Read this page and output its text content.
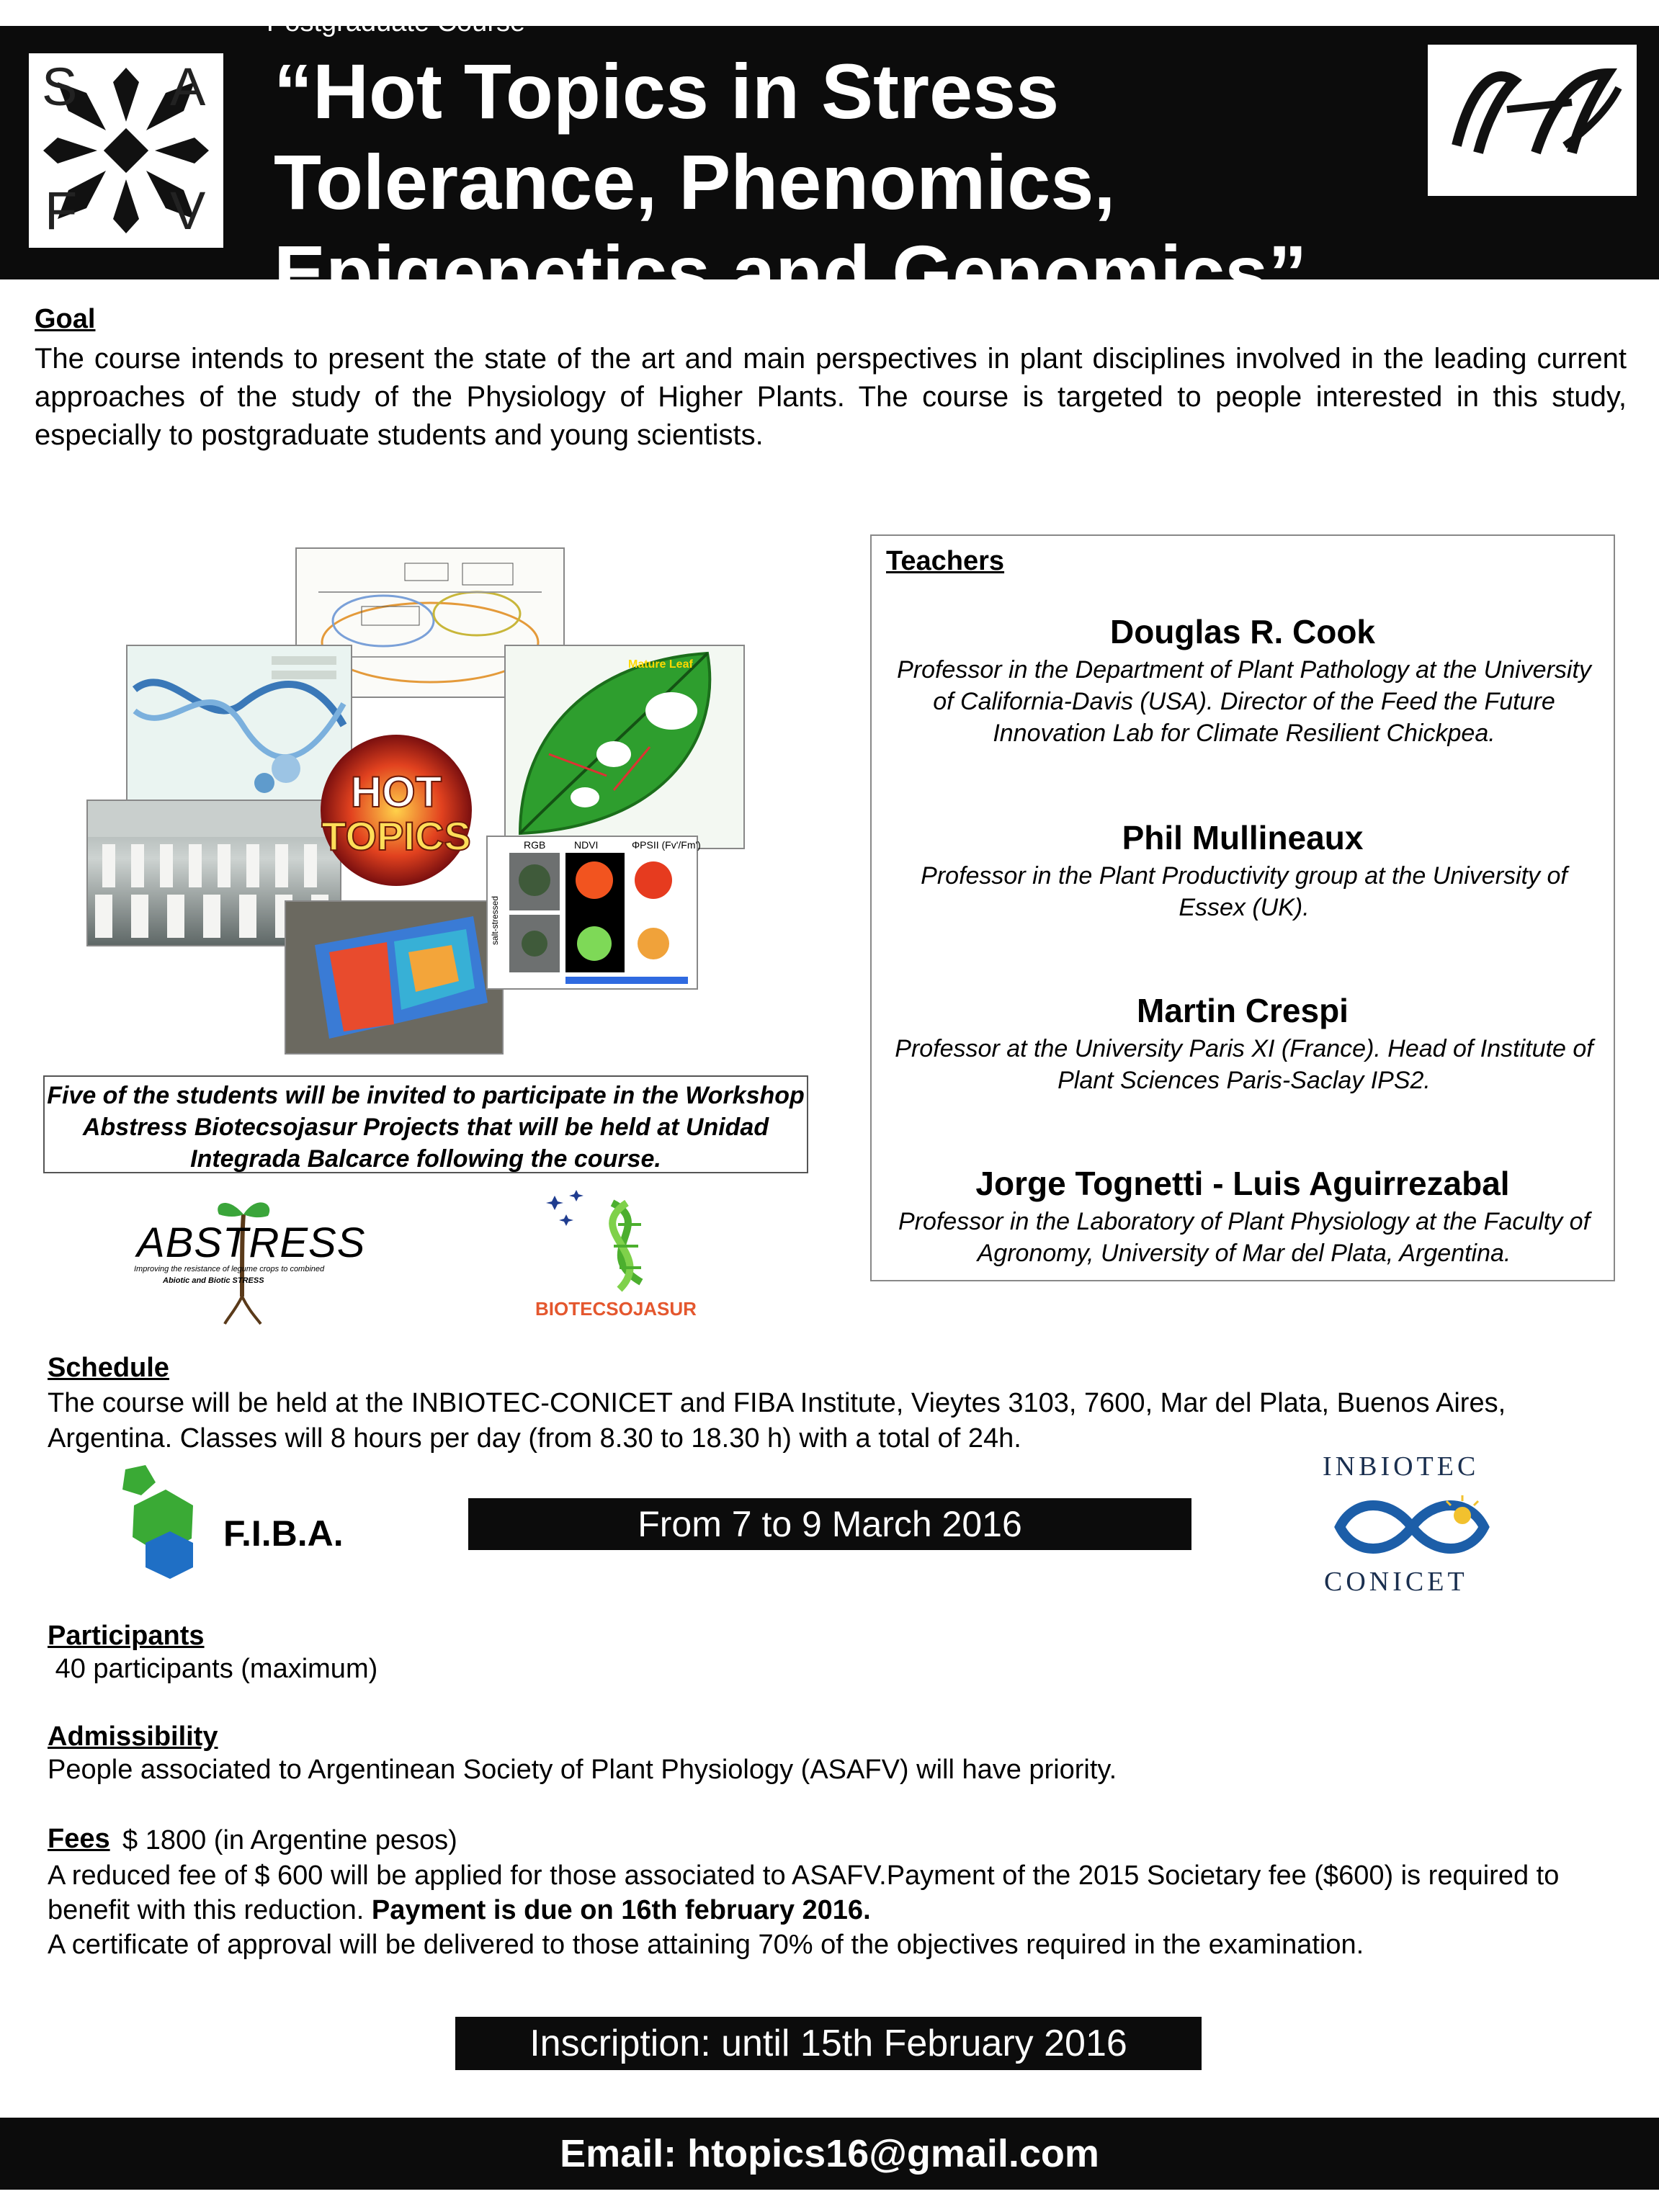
Postgraduate Course
S A
F V
“Hot Topics in Stress Tolerance, Phenomics, Epigenetics and Genomics”
LABORATORIO DE FISIOLOGIA VEGETAL
UNIDAD INTEGRADA BALCARCE - ARGENTINA
Goal
The course intends to present the state of the art and main perspectives in plant disciplines involved in the leading current approaches of the study of the Physiology of Higher Plants. The course is targeted to people interested in this study, especially to postgraduate students and young scientists.
Mature Leaf
HOT
TOPICS	RGB	NDVI	ΦPSII (Fv'/Fm')
salt-stressed
Five of the students will be invited to participate in the Workshop Abstress Biotecsojasur Projects that will be held at Unidad Integrada Balcarce following the course.
ABSTRESS
Improving the resistance of legume crops to combined
Abiotic and Biotic STRESS
BIOTECSOJASUR
Teachers
Douglas R. Cook
Professor in the Department of Plant Pathology at the University of California-Davis (USA). Director of the Feed the Future Innovation Lab for Climate Resilient Chickpea.
Phil Mullineaux
Professor in the Plant Productivity group at the University of Essex (UK).
Martin Crespi
Professor at the University Paris XI (France). Head of Institute of Plant Sciences Paris-Saclay IPS2.
Jorge Tognetti - Luis Aguirrezabal
Professor in the Laboratory of Plant Physiology at the Faculty of Agronomy, University of Mar del Plata, Argentina.
Schedule
The course will be held at the INBIOTEC-CONICET and FIBA Institute, Vieytes 3103, 7600, Mar del Plata, Buenos Aires, Argentina. Classes will 8 hours per day (from 8.30 to 18.30 h) with a total of 24h.
F.I.B.A.	From 7 to 9 March 2016
INBIOTEC
CONICET
Participants
40 participants (maximum)
Admissibility
People associated to Argentinean Society of Plant Physiology (ASAFV) will have priority.
Fees $ 1800 (in Argentine pesos)
A reduced fee of $ 600 will be applied for those associated to ASAFV.Payment of the 2015 Societary fee ($600) is required to benefit with this reduction. Payment is due on 16th february 2016.
A certificate of approval will be delivered to those attaining 70% of the objectives required in the examination.
Inscription: until 15th February 2016
Email: htopics16@gmail.com
